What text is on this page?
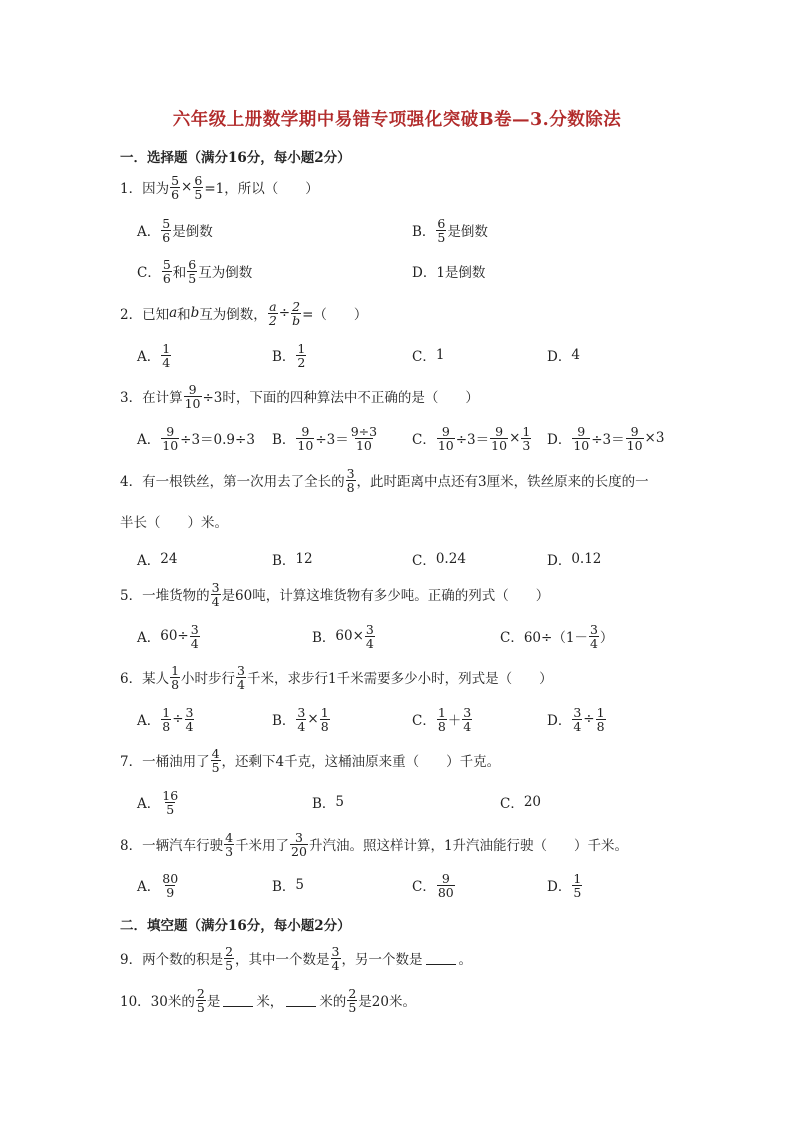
六年级上册数学期中易错专项强化突破B卷—3.分数除法
一．选择题（满分16分，每小题2分）
1．因为 $\frac{5}{6} \times \frac{6}{5} =1$，所以（　　）
A． $\frac{5}{6}$ 是倒数	B． $\frac{6}{5}$ 是倒数
C． $\frac{5}{6}$ 和 $\frac{6}{5}$ 互为倒数	D． 1是倒数
2．已知 a 和 b 互为倒数， $\frac{a}{2} \div \frac{2}{b}$ =（　　）
A． $\frac{1}{4}$	B． $\frac{1}{2}$	C． 1	D． 4
3．在计算 $\frac{9}{10} \div 3$时，下面的四种算法中不正确的是（　　）
A． $\frac{9}{10} \div 3=0.9\div 3$ B． $\frac{9}{10} \div 3= \frac{9\div 3}{10}$	C． $\frac{9}{10} \div 3= \frac{9}{10} \times \frac{1}{3}$ D． $\frac{9}{10} \div 3= \frac{9}{10} \times 3$
4．有一根铁丝，第一次用去了全长的 $\frac{3}{8}$ ，此时距离中点还有3厘米，铁丝原来的长度的一
半长（　　）米。
A． 24	B． 12	C． 0.24	D． 0.12
5．一堆货物的 $\frac{3}{4}$ 是60吨，计算这堆货物有多少吨。正确的列式（　　）
A． $60\div \frac{3}{4}$	B． $60\times \frac{3}{4}$	C． $60\div(1- \frac{3}{4}$ ）
6．某人 $\frac{1}{8}$ 小时步行 $\frac{3}{4}$ 千米，求步行1千米需要多少小时，列式是（　　）
A． $\frac{1}{8} \div \frac{3}{4}$	B． $\frac{3}{4} \times \frac{1}{8}$	C． $\frac{1}{8} + \frac{3}{4}$	D． $\frac{3}{4} \div \frac{1}{8}$
7．一桶油用了 $\frac{4}{5}$ ，还剩下4千克，这桶油原来重（　　）千克。
A． $\frac{16}{5}$	B． 5	C． 20
8．一辆汽车行驶 $\frac{4}{3}$ 千米用了 $\frac{3}{20}$ 升汽油。照这样计算，1升汽油能行驶（　　）千米。
A． $\frac{80}{9}$	B． 5	C． $\frac{9}{80}$	D． $\frac{1}{5}$
二．填空题（满分16分，每小题2分）
9．两个数的积是 $\frac{2}{5}$ ，其中一个数是 $\frac{3}{4}$ ，另一个数是	。
10．30米的 $\frac{2}{5}$ 是	米，	米的 $\frac{2}{5}$ 是20米。
